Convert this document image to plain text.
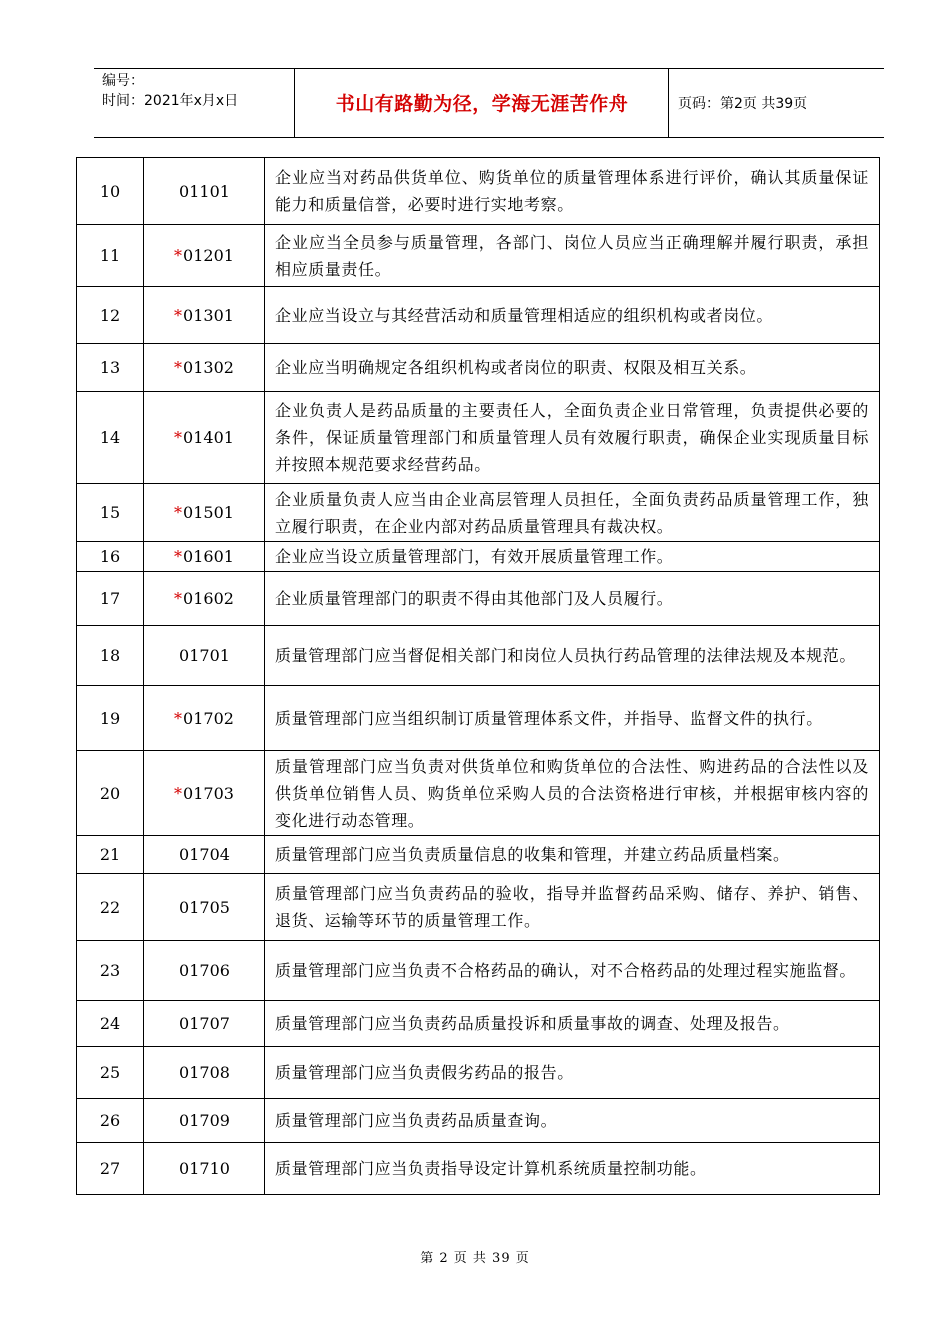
编号：
时间：2021年x月x日	书山有路勤为径，学海无涯苦作舟	页码：第2页 共39页
10	01101	企业应当对药品供货单位、购货单位的质量管理体系进行评价，确认其质量保证能力和质量信誉，必要时进行实地考察。
11	*01201	企业应当全员参与质量管理，各部门、岗位人员应当正确理解并履行职责，承担相应质量责任。
12	*01301	企业应当设立与其经营活动和质量管理相适应的组织机构或者岗位。
13	*01302	企业应当明确规定各组织机构或者岗位的职责、权限及相互关系。
14	*01401	企业负责人是药品质量的主要责任人，全面负责企业日常管理，负责提供必要的条件，保证质量管理部门和质量管理人员有效履行职责，确保企业实现质量目标并按照本规范要求经营药品。
15	*01501	企业质量负责人应当由企业高层管理人员担任，全面负责药品质量管理工作，独立履行职责，在企业内部对药品质量管理具有裁决权。
16	*01601	企业应当设立质量管理部门，有效开展质量管理工作。
17	*01602	企业质量管理部门的职责不得由其他部门及人员履行。
18	01701	质量管理部门应当督促相关部门和岗位人员执行药品管理的法律法规及本规范。
19	*01702	质量管理部门应当组织制订质量管理体系文件，并指导、监督文件的执行。
20	*01703	质量管理部门应当负责对供货单位和购货单位的合法性、购进药品的合法性以及供货单位销售人员、购货单位采购人员的合法资格进行审核，并根据审核内容的变化进行动态管理。
21	01704	质量管理部门应当负责质量信息的收集和管理，并建立药品质量档案。
22	01705	质量管理部门应当负责药品的验收，指导并监督药品采购、储存、养护、销售、退货、运输等环节的质量管理工作。
23	01706	质量管理部门应当负责不合格药品的确认，对不合格药品的处理过程实施监督。
24	01707	质量管理部门应当负责药品质量投诉和质量事故的调查、处理及报告。
25	01708	质量管理部门应当负责假劣药品的报告。
26	01709	质量管理部门应当负责药品质量查询。
27	01710	质量管理部门应当负责指导设定计算机系统质量控制功能。
第 2 页 共 39 页
